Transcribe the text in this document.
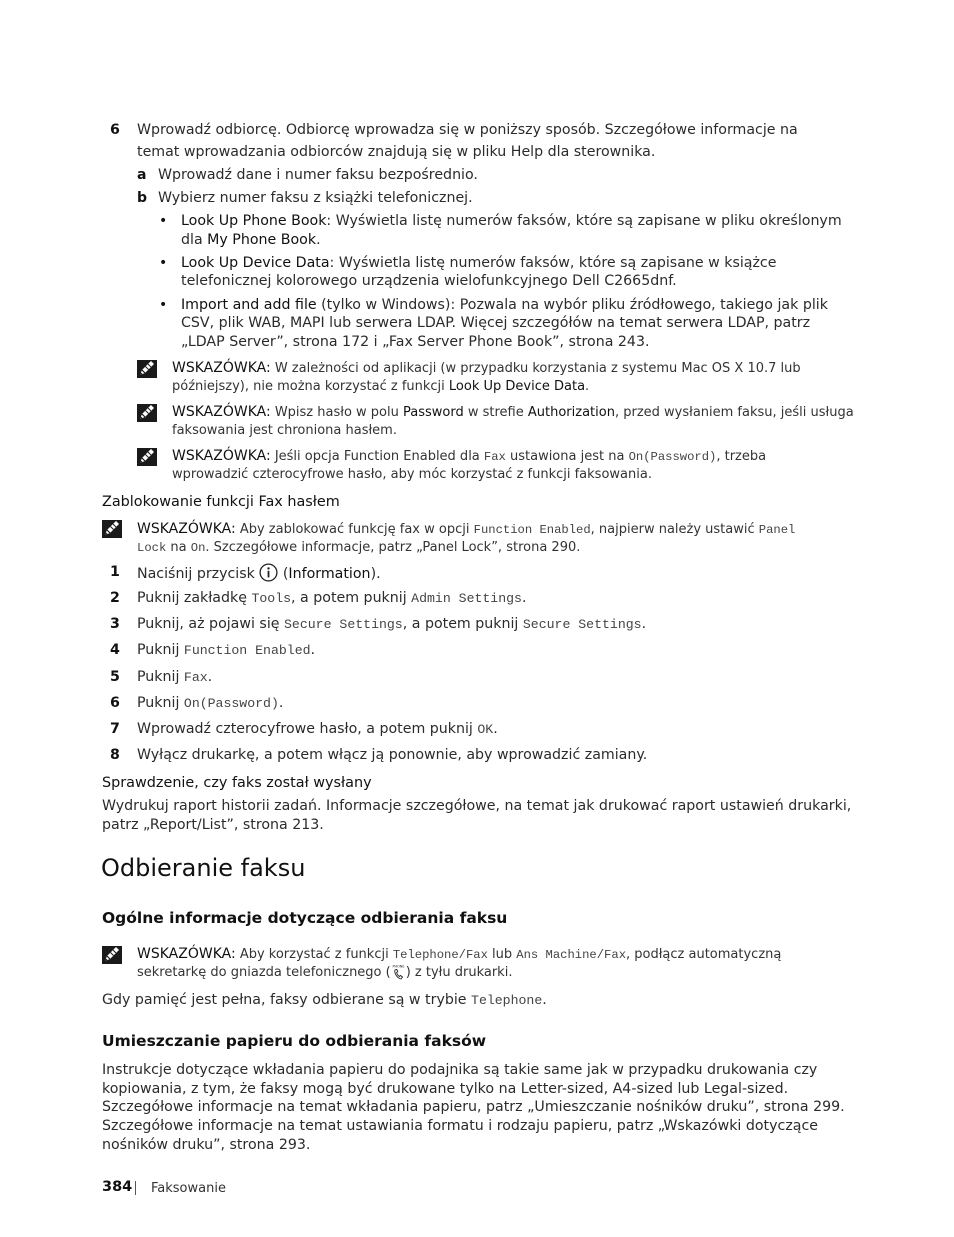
6 Wprowadź odbiorcę. Odbiorcę wprowadza się w poniższy sposób. Szczegółowe informacje na
temat wprowadzania odbiorców znajdują się w pliku Help dla sterownika.
a Wprowadź dane i numer faksu bezpośrednio.
b Wybierz numer faksu z książki telefonicznej.
• Look Up Phone Book: Wyświetla listę numerów faksów, które są zapisane w pliku określonym
dla My Phone Book.
• Look Up Device Data: Wyświetla listę numerów faksów, które są zapisane w książce
telefonicznej kolorowego urządzenia wielofunkcyjnego Dell C2665dnf.
• Import and add file (tylko w Windows): Pozwala na wybór pliku źródłowego, takiego jak plik
CSV, plik WAB, MAPI lub serwera LDAP. Więcej szczegółów na temat serwera LDAP, patrz
„LDAP Server”, strona 172 i „Fax Server Phone Book”, strona 243.
WSKAZÓWKA: W zależności od aplikacji (w przypadku korzystania z systemu Mac OS X 10.7 lub
późniejszy), nie można korzystać z funkcji Look Up Device Data.
WSKAZÓWKA: Wpisz hasło w polu Password w strefie Authorization, przed wysłaniem faksu, jeśli usługa
faksowania jest chroniona hasłem.
WSKAZÓWKA: Jeśli opcja Function Enabled dla Fax ustawiona jest na On(Password), trzeba
wprowadzić czterocyfrowe hasło, aby móc korzystać z funkcji faksowania.
Zablokowanie funkcji Fax hasłem
WSKAZÓWKA: Aby zablokować funkcję fax w opcji Function Enabled, najpierw należy ustawić Panel
Lock na On. Szczegółowe informacje, patrz „Panel Lock”, strona 290.
1 Naciśnij przycisk  (Information).
2 Puknij zakładkę Tools, a potem puknij Admin Settings.
3 Puknij, aż pojawi się Secure Settings, a potem puknij Secure Settings.
4 Puknij Function Enabled.
5 Puknij Fax.
6 Puknij On(Password).
7 Wprowadź czterocyfrowe hasło, a potem puknij OK.
8 Wyłącz drukarkę, a potem włącz ją ponownie, aby wprowadzić zamiany.
Sprawdzenie, czy faks został wysłany
Wydrukuj raport historii zadań. Informacje szczegółowe, na temat jak drukować raport ustawień drukarki,
patrz „Report/List”, strona 213.
Odbieranie faksu
Ogólne informacje dotyczące odbierania faksu
WSKAZÓWKA: Aby korzystać z funkcji Telephone/Fax lub Ans Machine/Fax, podłącz automatyczną
sekretarkę do gniazda telefonicznego ( PHONE ) z tyłu drukarki.
Gdy pamięć jest pełna, faksy odbierane są w trybie Telephone.
Umieszczanie papieru do odbierania faksów
Instrukcje dotyczące wkładania papieru do podajnika są takie same jak w przypadku drukowania czy
kopiowania, z tym, że faksy mogą być drukowane tylko na Letter-sized, A4-sized lub Legal-sized.
Szczegółowe informacje na temat wkładania papieru, patrz „Umieszczanie nośników druku”, strona 299.
Szczegółowe informacje na temat ustawiania formatu i rodzaju papieru, patrz „Wskazówki dotyczące
nośników druku”, strona 293.
384 Faksowanie
